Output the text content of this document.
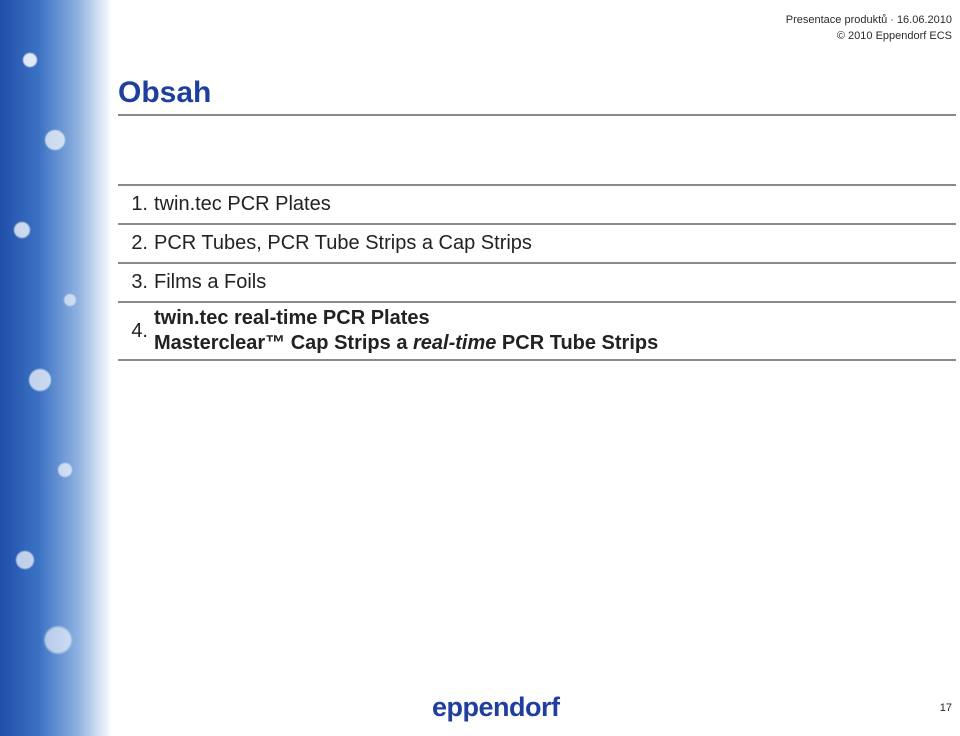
Presentace produktů · 16.06.2010
© 2010 Eppendorf ECS
Obsah
1. twin.tec PCR Plates
2. PCR Tubes, PCR Tube Strips a Cap Strips
3. Films a Foils
4.
twin.tec real-time PCR Plates
Masterclear™ Cap Strips a real-time PCR Tube Strips
eppendorf	17
